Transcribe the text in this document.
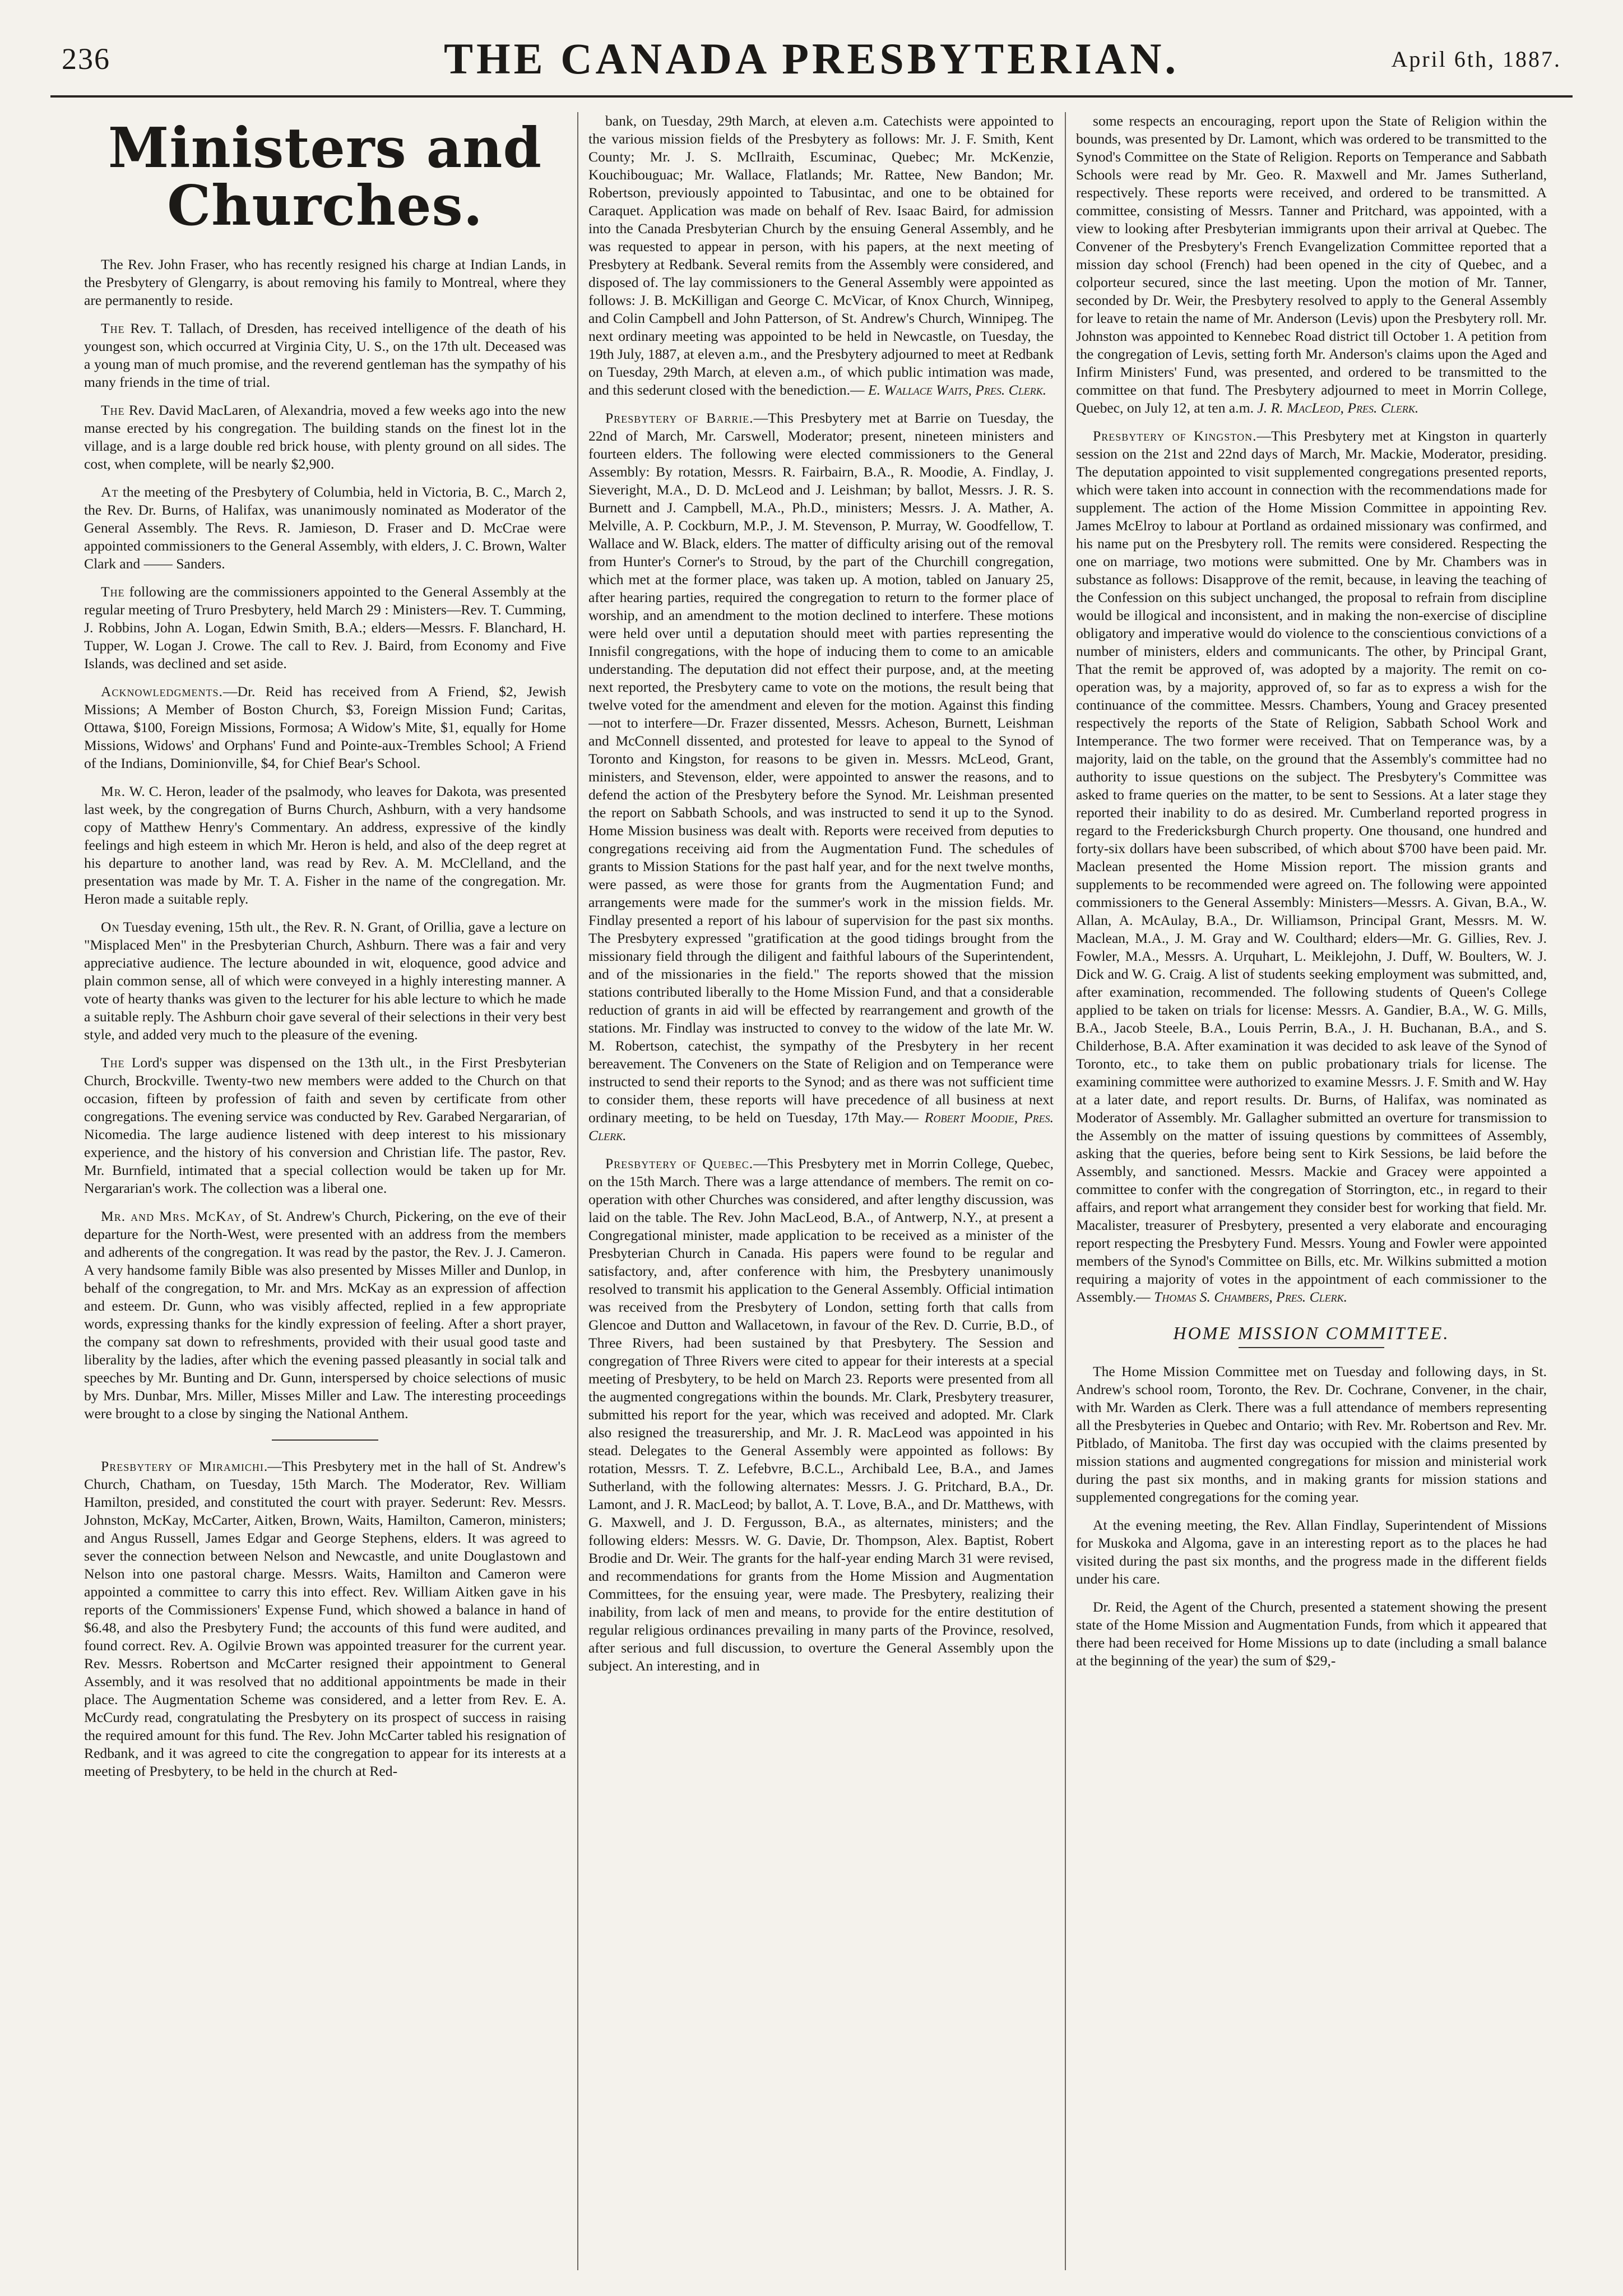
236	THE CANADA PRESBYTERIAN.	April 6th, 1887.
Ministers and Churches.

The Rev. John Fraser, who has recently resigned his charge at Indian Lands, in the Presbytery of Glengarry, is about removing his family to Montreal, where they are permanently to reside.

The Rev. T. Tallach, of Dresden, has received intelligence of the death of his youngest son, which occurred at Virginia City, U. S., on the 17th ult. Deceased was a young man of much promise, and the reverend gentleman has the sympathy of his many friends in the time of trial.

The Rev. David MacLaren, of Alexandria, moved a few weeks ago into the new manse erected by his congregation. The building stands on the finest lot in the village, and is a large double red brick house, with plenty ground on all sides. The cost, when complete, will be nearly $2,900.

At the meeting of the Presbytery of Columbia, held in Victoria, B. C., March 2, the Rev. Dr. Burns, of Halifax, was unanimously nominated as Moderator of the General Assembly. The Revs. R. Jamieson, D. Fraser and D. McCrae were appointed commissioners to the General Assembly, with elders, J. C. Brown, Walter Clark and —— Sanders.

The following are the commissioners appointed to the General Assembly at the regular meeting of Truro Presbytery, held March 29 : Ministers—Rev. T. Cumming, J. Robbins, John A. Logan, Edwin Smith, B.A.; elders—Messrs. F. Blanchard, H. Tupper, W. Logan J. Crowe. The call to Rev. J. Baird, from Economy and Five Islands, was declined and set aside.

Acknowledgments.—Dr. Reid has received from A Friend, $2, Jewish Missions; A Member of Boston Church, $3, Foreign Mission Fund; Caritas, Ottawa, $100, Foreign Missions, Formosa; A Widow's Mite, $1, equally for Home Missions, Widows' and Orphans' Fund and Pointe-aux-Trembles School; A Friend of the Indians, Dominionville, $4, for Chief Bear's School.

Mr. W. C. Heron, leader of the psalmody, who leaves for Dakota, was presented last week, by the congregation of Burns Church, Ashburn, with a very handsome copy of Matthew Henry's Commentary. An address, expressive of the kindly feelings and high esteem in which Mr. Heron is held, and also of the deep regret at his departure to another land, was read by Rev. A. M. McClelland, and the presentation was made by Mr. T. A. Fisher in the name of the congregation. Mr. Heron made a suitable reply.

On Tuesday evening, 15th ult., the Rev. R. N. Grant, of Orillia, gave a lecture on "Misplaced Men" in the Presbyterian Church, Ashburn. There was a fair and very appreciative audience. The lecture abounded in wit, eloquence, good advice and plain common sense, all of which were conveyed in a highly interesting manner. A vote of hearty thanks was given to the lecturer for his able lecture to which he made a suitable reply. The Ashburn choir gave several of their selections in their very best style, and added very much to the pleasure of the evening.

The Lord's supper was dispensed on the 13th ult., in the First Presbyterian Church, Brockville. Twenty-two new members were added to the Church on that occasion, fifteen by profession of faith and seven by certificate from other congregations. The evening service was conducted by Rev. Garabed Nergararian, of Nicomedia. The large audience listened with deep interest to his missionary experience, and the history of his conversion and Christian life. The pastor, Rev. Mr. Burnfield, intimated that a special collection would be taken up for Mr. Nergararian's work. The collection was a liberal one.

Mr. and Mrs. McKay, of St. Andrew's Church, Pickering, on the eve of their departure for the North-West, were presented with an address from the members and adherents of the congregation. It was read by the pastor, the Rev. J. J. Cameron. A very handsome family Bible was also presented by Misses Miller and Dunlop, in behalf of the congregation, to Mr. and Mrs. McKay as an expression of affection and esteem. Dr. Gunn, who was visibly affected, replied in a few appropriate words, expressing thanks for the kindly expression of feeling. After a short prayer, the company sat down to refreshments, provided with their usual good taste and liberality by the ladies, after which the evening passed pleasantly in social talk and speeches by Mr. Bunting and Dr. Gunn, interspersed by choice selections of music by Mrs. Dunbar, Mrs. Miller, Misses Miller and Law. The interesting proceedings were brought to a close by singing the National Anthem.

Presbytery of Miramichi.—This Presbytery met in the hall of St. Andrew's Church, Chatham, on Tuesday, 15th March. The Moderator, Rev. William Hamilton, presided, and constituted the court with prayer. Sederunt: Rev. Messrs. Johnston, McKay, McCarter, Aitken, Brown, Waits, Hamilton, Cameron, ministers; and Angus Russell, James Edgar and George Stephens, elders. It was agreed to sever the connection between Nelson and Newcastle, and unite Douglastown and Nelson into one pastoral charge. Messrs. Waits, Hamilton and Cameron were appointed a committee to carry this into effect. Rev. William Aitken gave in his reports of the Commissioners' Expense Fund, which showed a balance in hand of $6.48, and also the Presbytery Fund; the accounts of this fund were audited, and found correct. Rev. A. Ogilvie Brown was appointed treasurer for the current year. Rev. Messrs. Robertson and McCarter resigned their appointment to General Assembly, and it was resolved that no additional appointments be made in their place. The Augmentation Scheme was considered, and a letter from Rev. E. A. McCurdy read, congratulating the Presbytery on its prospect of success in raising the required amount for this fund. The Rev. John McCarter tabled his resignation of Redbank, and it was agreed to cite the congregation to appear for its interests at a meeting of Presbytery, to be held in the church at Red-

bank, on Tuesday, 29th March, at eleven a.m. Catechists were appointed to the various mission fields of the Presbytery as follows: Mr. J. F. Smith, Kent County; Mr. J. S. McIlraith, Escuminac, Quebec; Mr. McKenzie, Kouchibouguac; Mr. Wallace, Flatlands; Mr. Rattee, New Bandon; Mr. Robertson, previously appointed to Tabusintac, and one to be obtained for Caraquet. Application was made on behalf of Rev. Isaac Baird, for admission into the Canada Presbyterian Church by the ensuing General Assembly, and he was requested to appear in person, with his papers, at the next meeting of Presbytery at Redbank. Several remits from the Assembly were considered, and disposed of. The lay commissioners to the General Assembly were appointed as follows: J. B. McKilligan and George C. McVicar, of Knox Church, Winnipeg, and Colin Campbell and John Patterson, of St. Andrew's Church, Winnipeg. The next ordinary meeting was appointed to be held in Newcastle, on Tuesday, the 19th July, 1887, at eleven a.m., and the Presbytery adjourned to meet at Redbank on Tuesday, 29th March, at eleven a.m., of which public intimation was made, and this sederunt closed with the benediction.— E. Wallace Waits, Pres. Clerk.

Presbytery of Barrie.—This Presbytery met at Barrie on Tuesday, the 22nd of March, Mr. Carswell, Moderator; present, nineteen ministers and fourteen elders. The following were elected commissioners to the General Assembly: By rotation, Messrs. R. Fairbairn, B.A., R. Moodie, A. Findlay, J. Sieveright, M.A., D. D. McLeod and J. Leishman; by ballot, Messrs. J. R. S. Burnett and J. Campbell, M.A., Ph.D., ministers; Messrs. J. A. Mather, A. Melville, A. P. Cockburn, M.P., J. M. Stevenson, P. Murray, W. Goodfellow, T. Wallace and W. Black, elders. The matter of difficulty arising out of the removal from Hunter's Corner's to Stroud, by the part of the Churchill congregation, which met at the former place, was taken up. A motion, tabled on January 25, after hearing parties, required the congregation to return to the former place of worship, and an amendment to the motion declined to interfere. These motions were held over until a deputation should meet with parties representing the Innisfil congregations, with the hope of inducing them to come to an amicable understanding. The deputation did not effect their purpose, and, at the meeting next reported, the Presbytery came to vote on the motions, the result being that twelve voted for the amendment and eleven for the motion. Against this finding—not to interfere—Dr. Frazer dissented, Messrs. Acheson, Burnett, Leishman and McConnell dissented, and protested for leave to appeal to the Synod of Toronto and Kingston, for reasons to be given in. Messrs. McLeod, Grant, ministers, and Stevenson, elder, were appointed to answer the reasons, and to defend the action of the Presbytery before the Synod. Mr. Leishman presented the report on Sabbath Schools, and was instructed to send it up to the Synod. Home Mission business was dealt with. Reports were received from deputies to congregations receiving aid from the Augmentation Fund. The schedules of grants to Mission Stations for the past half year, and for the next twelve months, were passed, as were those for grants from the Augmentation Fund; and arrangements were made for the summer's work in the mission fields. Mr. Findlay presented a report of his labour of supervision for the past six months. The Presbytery expressed "gratification at the good tidings brought from the missionary field through the diligent and faithful labours of the Superintendent, and of the missionaries in the field." The reports showed that the mission stations contributed liberally to the Home Mission Fund, and that a considerable reduction of grants in aid will be effected by rearrangement and growth of the stations. Mr. Findlay was instructed to convey to the widow of the late Mr. W. M. Robertson, catechist, the sympathy of the Presbytery in her recent bereavement. The Conveners on the State of Religion and on Temperance were instructed to send their reports to the Synod; and as there was not sufficient time to consider them, these reports will have precedence of all business at next ordinary meeting, to be held on Tuesday, 17th May.— Robert Moodie, Pres. Clerk.

Presbytery of Quebec.—This Presbytery met in Morrin College, Quebec, on the 15th March. There was a large attendance of members. The remit on co-operation with other Churches was considered, and after lengthy discussion, was laid on the table. The Rev. John MacLeod, B.A., of Antwerp, N.Y., at present a Congregational minister, made application to be received as a minister of the Presbyterian Church in Canada. His papers were found to be regular and satisfactory, and, after conference with him, the Presbytery unanimously resolved to transmit his application to the General Assembly. Official intimation was received from the Presbytery of London, setting forth that calls from Glencoe and Dutton and Wallacetown, in favour of the Rev. D. Currie, B.D., of Three Rivers, had been sustained by that Presbytery. The Session and congregation of Three Rivers were cited to appear for their interests at a special meeting of Presbytery, to be held on March 23. Reports were presented from all the augmented congregations within the bounds. Mr. Clark, Presbytery treasurer, submitted his report for the year, which was received and adopted. Mr. Clark also resigned the treasurership, and Mr. J. R. MacLeod was appointed in his stead. Delegates to the General Assembly were appointed as follows: By rotation, Messrs. T. Z. Lefebvre, B.C.L., Archibald Lee, B.A., and James Sutherland, with the following alternates: Messrs. J. G. Pritchard, B.A., Dr. Lamont, and J. R. MacLeod; by ballot, A. T. Love, B.A., and Dr. Matthews, with G. Maxwell, and J. D. Fergusson, B.A., as alternates, ministers; and the following elders: Messrs. W. G. Davie, Dr. Thompson, Alex. Baptist, Robert Brodie and Dr. Weir. The grants for the half-year ending March 31 were revised, and recommendations for grants from the Home Mission and Augmentation Committees, for the ensuing year, were made. The Presbytery, realizing their inability, from lack of men and means, to provide for the entire destitution of regular religious ordinances prevailing in many parts of the Province, resolved, after serious and full discussion, to overture the General Assembly upon the subject. An interesting, and in

some respects an encouraging, report upon the State of Religion within the bounds, was presented by Dr. Lamont, which was ordered to be transmitted to the Synod's Committee on the State of Religion. Reports on Temperance and Sabbath Schools were read by Mr. Geo. R. Maxwell and Mr. James Sutherland, respectively. These reports were received, and ordered to be transmitted. A committee, consisting of Messrs. Tanner and Pritchard, was appointed, with a view to looking after Presbyterian immigrants upon their arrival at Quebec. The Convener of the Presbytery's French Evangelization Committee reported that a mission day school (French) had been opened in the city of Quebec, and a colporteur secured, since the last meeting. Upon the motion of Mr. Tanner, seconded by Dr. Weir, the Presbytery resolved to apply to the General Assembly for leave to retain the name of Mr. Anderson (Levis) upon the Presbytery roll. Mr. Johnston was appointed to Kennebec Road district till October 1. A petition from the congregation of Levis, setting forth Mr. Anderson's claims upon the Aged and Infirm Ministers' Fund, was presented, and ordered to be transmitted to the committee on that fund. The Presbytery adjourned to meet in Morrin College, Quebec, on July 12, at ten a.m. J. R. MacLeod, Pres. Clerk.

Presbytery of Kingston.—This Presbytery met at Kingston in quarterly session on the 21st and 22nd days of March, Mr. Mackie, Moderator, presiding. The deputation appointed to visit supplemented congregations presented reports, which were taken into account in connection with the recommendations made for supplement. The action of the Home Mission Committee in appointing Rev. James McElroy to labour at Portland as ordained missionary was confirmed, and his name put on the Presbytery roll. The remits were considered. Respecting the one on marriage, two motions were submitted. One by Mr. Chambers was in substance as follows: Disapprove of the remit, because, in leaving the teaching of the Confession on this subject unchanged, the proposal to refrain from discipline would be illogical and inconsistent, and in making the non-exercise of discipline obligatory and imperative would do violence to the conscientious convictions of a number of ministers, elders and communicants. The other, by Principal Grant, That the remit be approved of, was adopted by a majority. The remit on co-operation was, by a majority, approved of, so far as to express a wish for the continuance of the committee. Messrs. Chambers, Young and Gracey presented respectively the reports of the State of Religion, Sabbath School Work and Intemperance. The two former were received. That on Temperance was, by a majority, laid on the table, on the ground that the Assembly's committee had no authority to issue questions on the subject. The Presbytery's Committee was asked to frame queries on the matter, to be sent to Sessions. At a later stage they reported their inability to do as desired. Mr. Cumberland reported progress in regard to the Fredericksburgh Church property. One thousand, one hundred and forty-six dollars have been subscribed, of which about $700 have been paid. Mr. Maclean presented the Home Mission report. The mission grants and supplements to be recommended were agreed on. The following were appointed commissioners to the General Assembly: Ministers—Messrs. A. Givan, B.A., W. Allan, A. McAulay, B.A., Dr. Williamson, Principal Grant, Messrs. M. W. Maclean, M.A., J. M. Gray and W. Coulthard; elders—Mr. G. Gillies, Rev. J. Fowler, M.A., Messrs. A. Urquhart, L. Meiklejohn, J. Duff, W. Boulters, W. J. Dick and W. G. Craig. A list of students seeking employment was submitted, and, after examination, recommended. The following students of Queen's College applied to be taken on trials for license: Messrs. A. Gandier, B.A., W. G. Mills, B.A., Jacob Steele, B.A., Louis Perrin, B.A., J. H. Buchanan, B.A., and S. Childerhose, B.A. After examination it was decided to ask leave of the Synod of Toronto, etc., to take them on public probationary trials for license. The examining committee were authorized to examine Messrs. J. F. Smith and W. Hay at a later date, and report results. Dr. Burns, of Halifax, was nominated as Moderator of Assembly. Mr. Gallagher submitted an overture for transmission to the Assembly on the matter of issuing questions by committees of Assembly, asking that the queries, before being sent to Kirk Sessions, be laid before the Assembly, and sanctioned. Messrs. Mackie and Gracey were appointed a committee to confer with the congregation of Storrington, etc., in regard to their affairs, and report what arrangement they consider best for working that field. Mr. Macalister, treasurer of Presbytery, presented a very elaborate and encouraging report respecting the Presbytery Fund. Messrs. Young and Fowler were appointed members of the Synod's Committee on Bills, etc. Mr. Wilkins submitted a motion requiring a majority of votes in the appointment of each commissioner to the Assembly.— Thomas S. Chambers, Pres. Clerk.

HOME MISSION COMMITTEE.

The Home Mission Committee met on Tuesday and following days, in St. Andrew's school room, Toronto, the Rev. Dr. Cochrane, Convener, in the chair, with Mr. Warden as Clerk. There was a full attendance of members representing all the Presbyteries in Quebec and Ontario; with Rev. Mr. Robertson and Rev. Mr. Pitblado, of Manitoba. The first day was occupied with the claims presented by mission stations and augmented congregations for mission and ministerial work during the past six months, and in making grants for mission stations and supplemented congregations for the coming year.

At the evening meeting, the Rev. Allan Findlay, Superintendent of Missions for Muskoka and Algoma, gave in an interesting report as to the places he had visited during the past six months, and the progress made in the different fields under his care.

Dr. Reid, the Agent of the Church, presented a statement showing the present state of the Home Mission and Augmentation Funds, from which it appeared that there had been received for Home Missions up to date (including a small balance at the beginning of the year) the sum of $29,-
